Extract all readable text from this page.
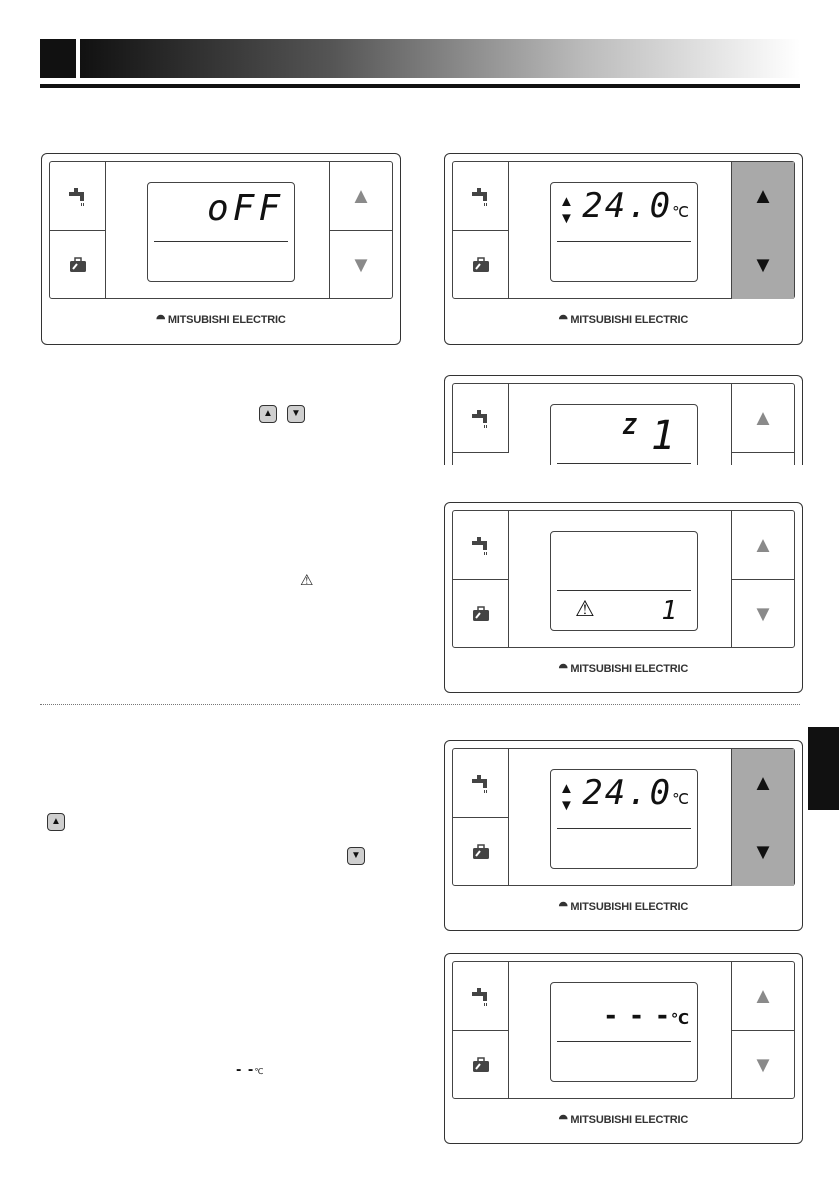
▲ ▼
⚠
▲
▼
- -℃
oFF	▲
▼
⯊ MITSUBISHI ELECTRIC
▲
▼ 24.0℃
▲
▼
⯊ MITSUBISHI ELECTRIC
Z 1	▲
⚠	1
▲
▼
⯊ MITSUBISHI ELECTRIC
▲
▼ 24.0℃
▲
▼
⯊ MITSUBISHI ELECTRIC
- - -℃
▲
▼
⯊ MITSUBISHI ELECTRIC
